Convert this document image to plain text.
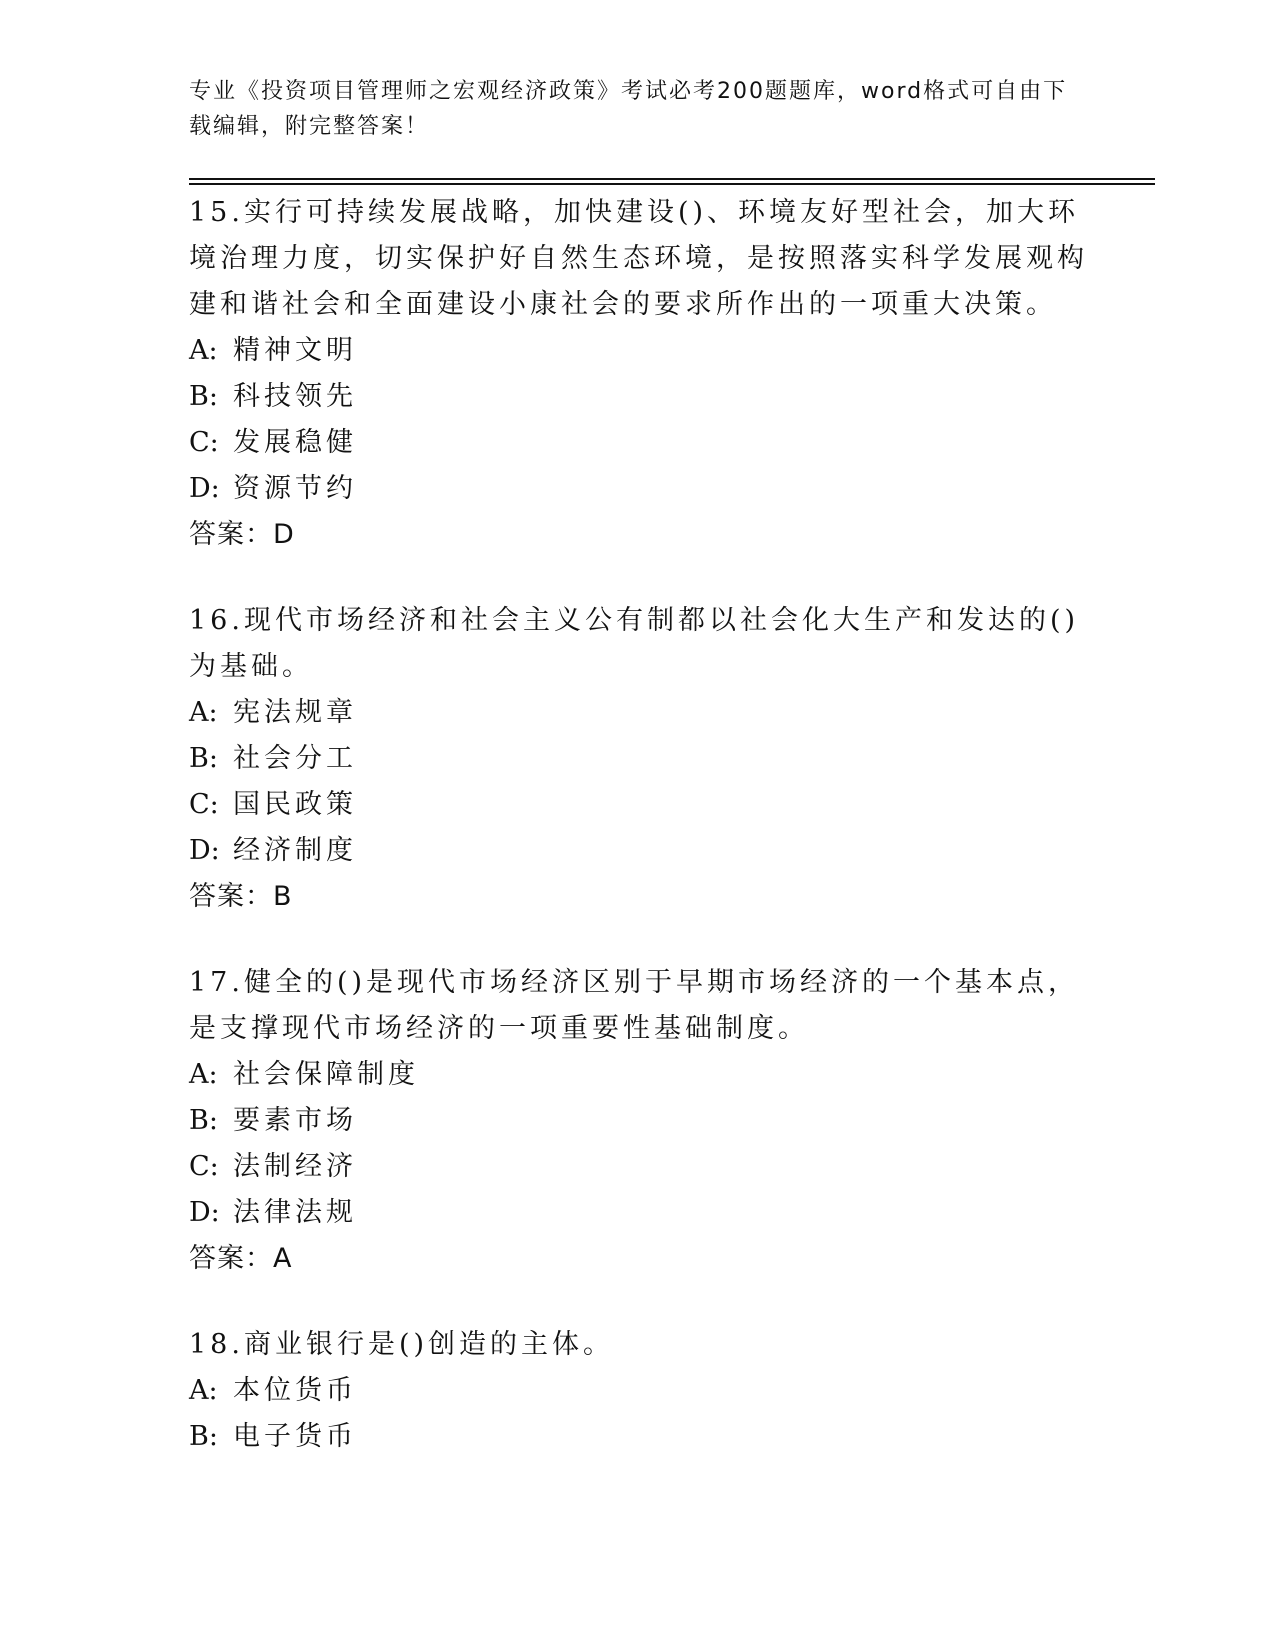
专业《投资项目管理师之宏观经济政策》考试必考200题题库，word格式可自由下载编辑，附完整答案！

15.实行可持续发展战略，加快建设()、环境友好型社会，加大环境治理力度，切实保护好自然生态环境，是按照落实科学发展观构建和谐社会和全面建设小康社会的要求所作出的一项重大决策。

A: 精神文明

B: 科技领先

C: 发展稳健

D: 资源节约

答案：D

16.现代市场经济和社会主义公有制都以社会化大生产和发达的()为基础。

A: 宪法规章

B: 社会分工

C: 国民政策

D: 经济制度

答案：B

17.健全的()是现代市场经济区别于早期市场经济的一个基本点，是支撑现代市场经济的一项重要性基础制度。

A: 社会保障制度

B: 要素市场

C: 法制经济

D: 法律法规

答案：A

18.商业银行是()创造的主体。

A: 本位货币

B: 电子货币
